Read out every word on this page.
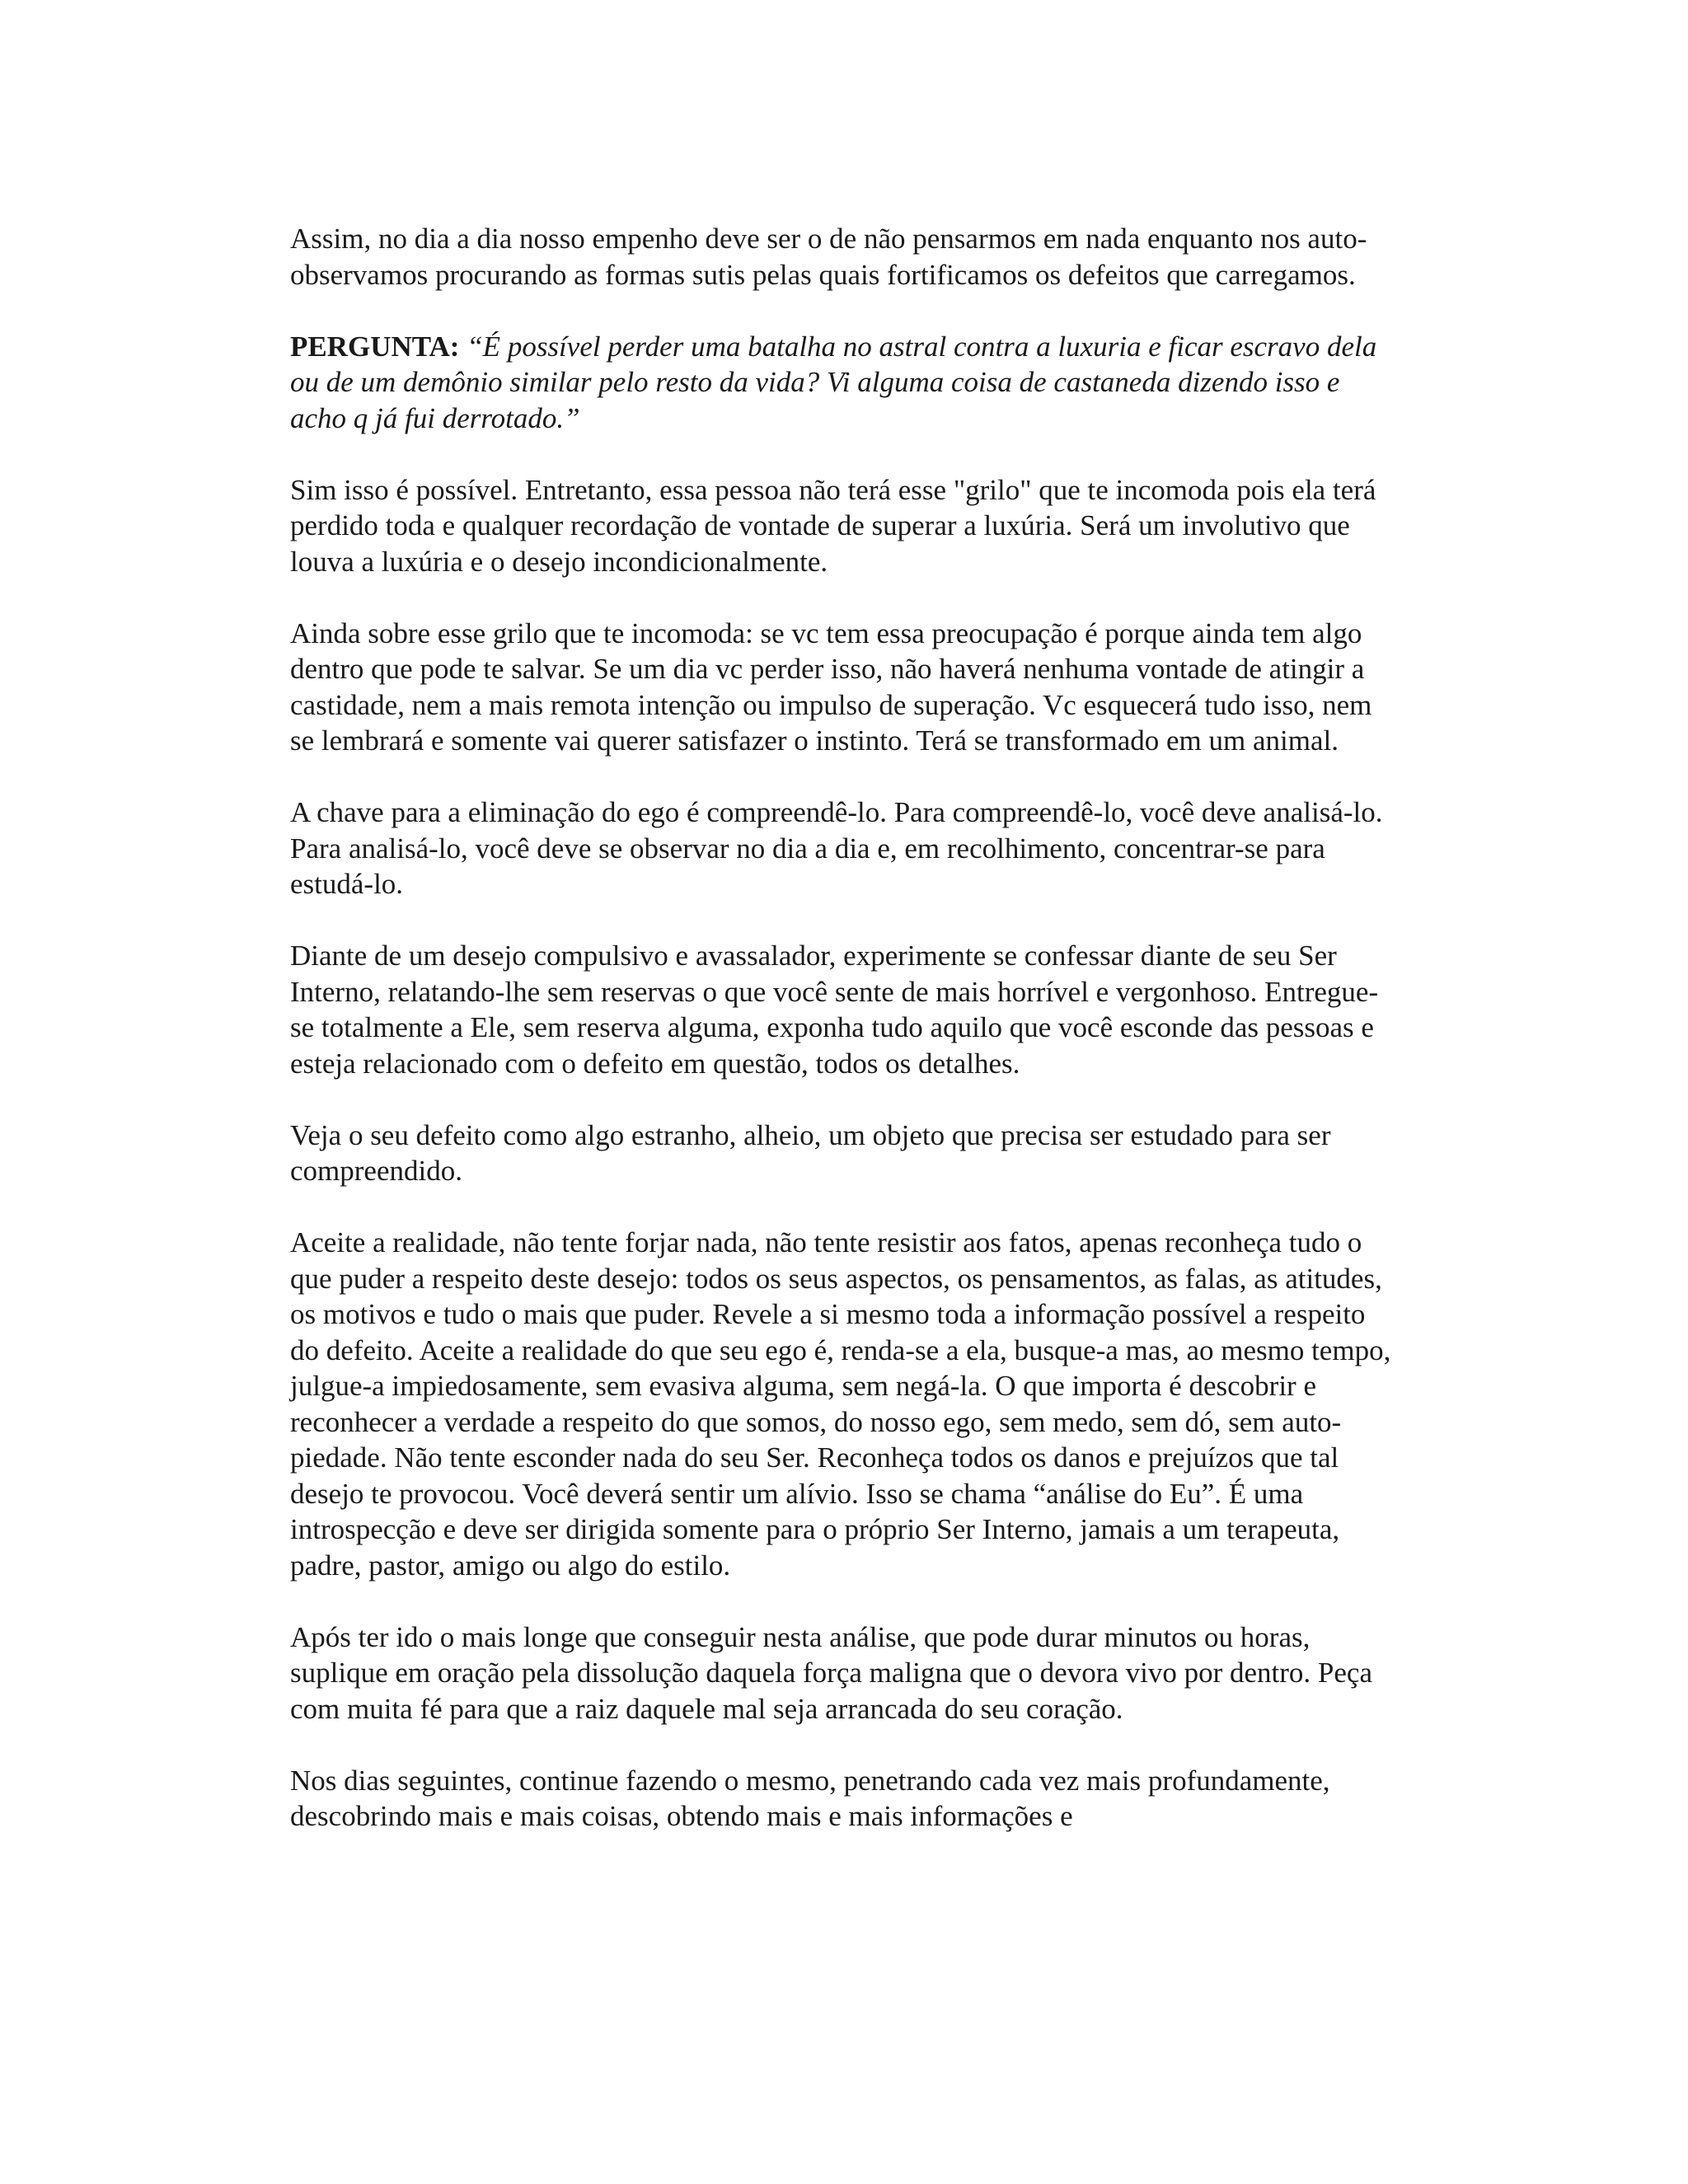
Assim, no dia a dia nosso empenho deve ser o de não pensarmos em nada enquanto nos auto-observamos procurando as formas sutis pelas quais fortificamos os defeitos que carregamos.

PERGUNTA: “É possível perder uma batalha no astral contra a luxuria e ficar escravo dela ou de um demônio similar pelo resto da vida? Vi alguma coisa de castaneda dizendo isso e acho q já fui derrotado.”

Sim isso é possível. Entretanto, essa pessoa não terá esse "grilo" que te incomoda pois ela terá perdido toda e qualquer recordação de vontade de superar a luxúria. Será um involutivo que louva a luxúria e o desejo incondicionalmente.

Ainda sobre esse grilo que te incomoda: se vc tem essa preocupação é porque ainda tem algo dentro que pode te salvar. Se um dia vc perder isso, não haverá nenhuma vontade de atingir a castidade, nem a mais remota intenção ou impulso de superação. Vc esquecerá tudo isso, nem se lembrará e somente vai querer satisfazer o instinto. Terá se transformado em um animal.

A chave para a eliminação do ego é compreendê-lo. Para compreendê-lo, você deve analisá-lo. Para analisá-lo, você deve se observar no dia a dia e, em recolhimento, concentrar-se para estudá-lo.

Diante de um desejo compulsivo e avassalador, experimente se confessar diante de seu Ser Interno, relatando-lhe sem reservas o que você sente de mais horrível e vergonhoso. Entregue-se totalmente a Ele, sem reserva alguma, exponha tudo aquilo que você esconde das pessoas e esteja relacionado com o defeito em questão, todos os detalhes.

Veja o seu defeito como algo estranho, alheio, um objeto que precisa ser estudado para ser compreendido.

Aceite a realidade, não tente forjar nada, não tente resistir aos fatos, apenas reconheça tudo o que puder a respeito deste desejo: todos os seus aspectos, os pensamentos, as falas, as atitudes, os motivos e tudo o mais que puder. Revele a si mesmo toda a informação possível a respeito do defeito. Aceite a realidade do que seu ego é, renda-se a ela, busque-a mas, ao mesmo tempo, julgue-a impiedosamente, sem evasiva alguma, sem negá-la. O que importa é descobrir e reconhecer a verdade a respeito do que somos, do nosso ego, sem medo, sem dó, sem auto-piedade. Não tente esconder nada do seu Ser. Reconheça todos os danos e prejuízos que tal desejo te provocou. Você deverá sentir um alívio. Isso se chama “análise do Eu”. É uma introspecção e deve ser dirigida somente para o próprio Ser Interno, jamais a um terapeuta, padre, pastor, amigo ou algo do estilo.

Após ter ido o mais longe que conseguir nesta análise, que pode durar minutos ou horas, suplique em oração pela dissolução daquela força maligna que o devora vivo por dentro. Peça com muita fé para que a raiz daquele mal seja arrancada do seu coração.

Nos dias seguintes, continue fazendo o mesmo, penetrando cada vez mais profundamente, descobrindo mais e mais coisas, obtendo mais e mais informações e
